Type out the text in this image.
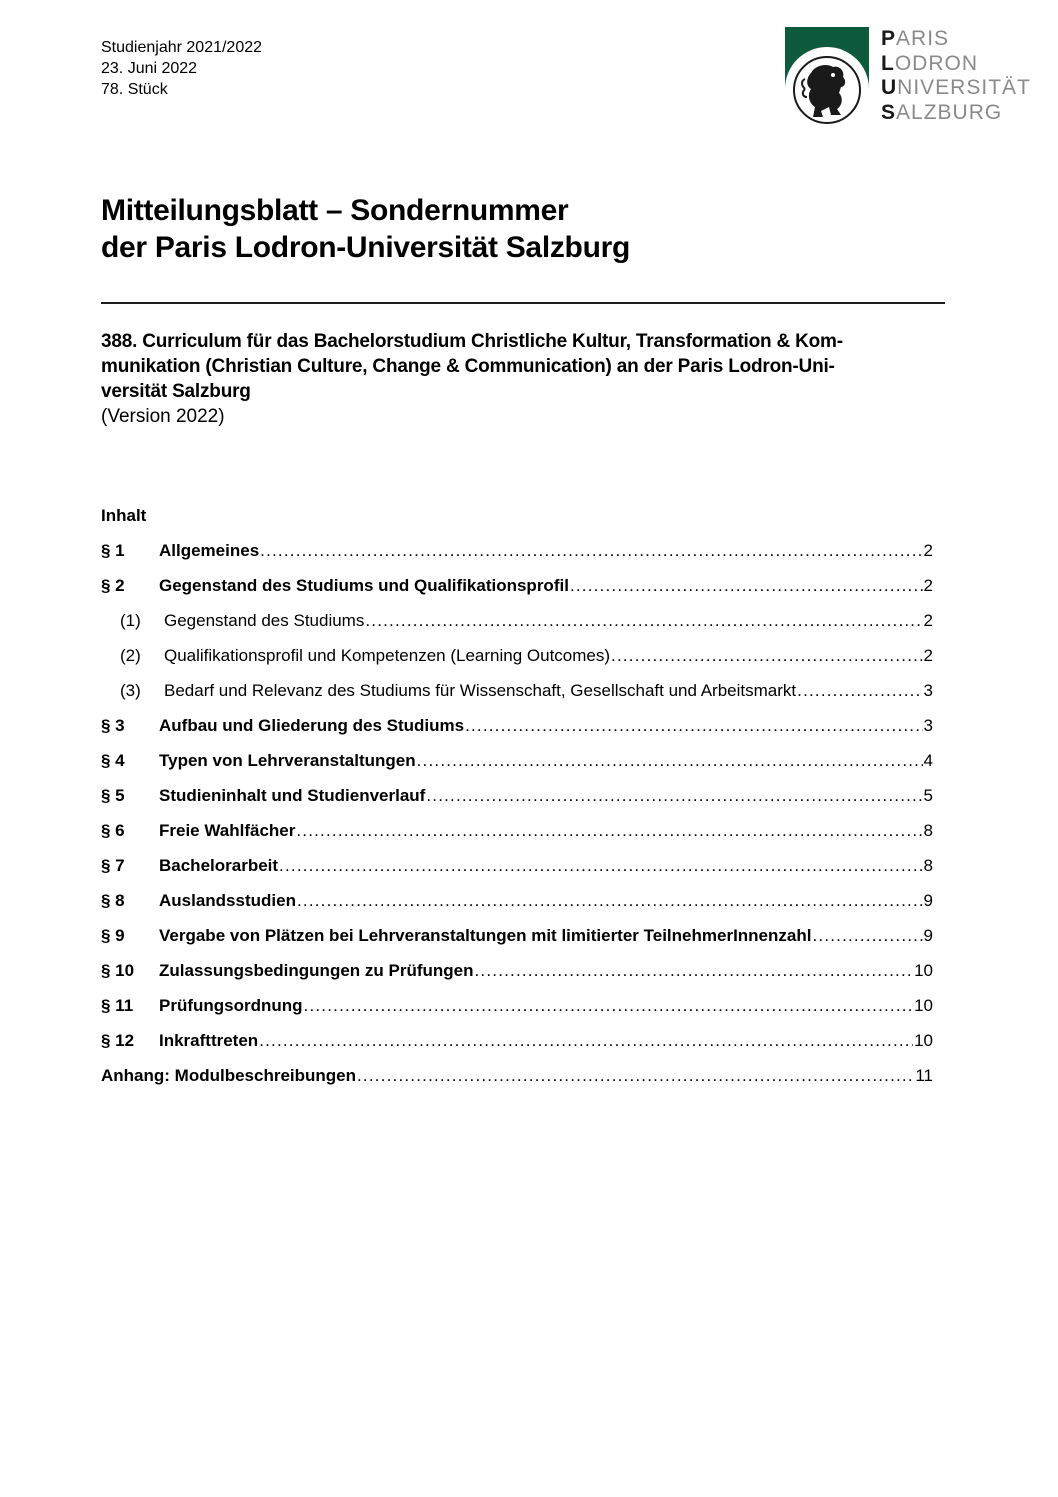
Studienjahr 2021/2022
23. Juni 2022
78. Stück
PARIS
LODRON
UNIVERSITÄT
SALZBURG
Mitteilungsblatt – Sondernummer
der Paris Lodron-Universität Salzburg
388. Curriculum für das Bachelorstudium Christliche Kultur, Transformation & Kom-
munikation (Christian Culture, Change & Communication) an der Paris Lodron-Uni-
versität Salzburg
(Version 2022)
Inhalt
§ 1	Allgemeines .....	2
§ 2	Gegenstand des Studiums und Qualifikationsprofil .....	2
(1)	Gegenstand des Studiums .....	2
(2)	Qualifikationsprofil und Kompetenzen (Learning Outcomes) .....	2
(3)	Bedarf und Relevanz des Studiums für Wissenschaft, Gesellschaft und Arbeitsmarkt .....	3
§ 3	Aufbau und Gliederung des Studiums .....	3
§ 4	Typen von Lehrveranstaltungen .....	4
§ 5	Studieninhalt und Studienverlauf .....	5
§ 6	Freie Wahlfächer .....	8
§ 7	Bachelorarbeit .....	8
§ 8	Auslandsstudien .....	9
§ 9	Vergabe von Plätzen bei Lehrveranstaltungen mit limitierter TeilnehmerInnenzahl .....	9
§ 10	Zulassungsbedingungen zu Prüfungen .....	10
§ 11	Prüfungsordnung .....	10
§ 12	Inkrafttreten .....	10
Anhang: Modulbeschreibungen .....	11
